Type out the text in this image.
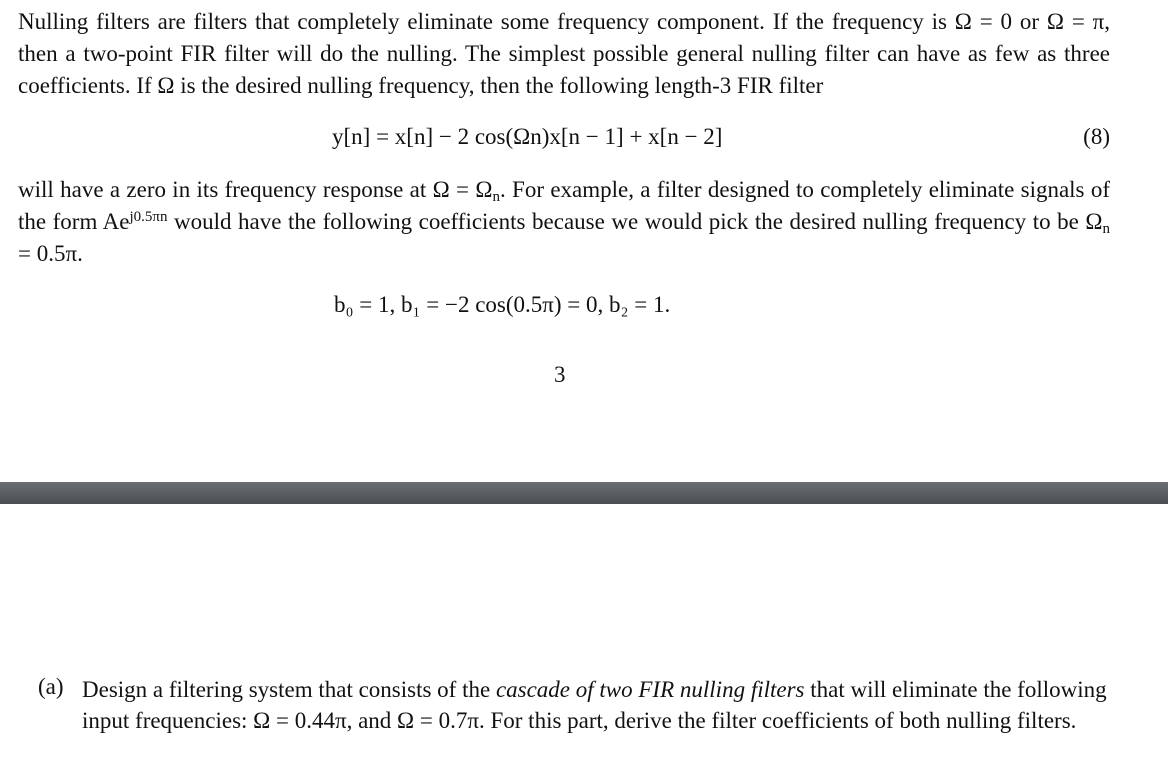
Nulling filters are filters that completely eliminate some frequency component. If the frequency is Ω = 0 or Ω = π, then a two-point FIR filter will do the nulling. The simplest possible general nulling filter can have as few as three coefficients. If Ω is the desired nulling frequency, then the following length-3 FIR filter

y[n] = x[n] − 2 cos(Ωn)x[n − 1] + x[n − 2]	(8)

will have a zero in its frequency response at $\Omega = \Omega_n$. For example, a filter designed to completely eliminate signals of the form $Ae^{j0.5\pi n}$ would have the following coefficients because we would pick the desired nulling frequency to be $\Omega_n = 0.5\pi$.

b₀ = 1, b₁ = −2 cos(0.5π) = 0, b₂ = 1.
3
(a) Design a filtering system that consists of the cascade of two FIR nulling filters that will eliminate the following input frequencies: Ω = 0.44π, and Ω = 0.7π. For this part, derive the filter coefficients of both nulling filters.
